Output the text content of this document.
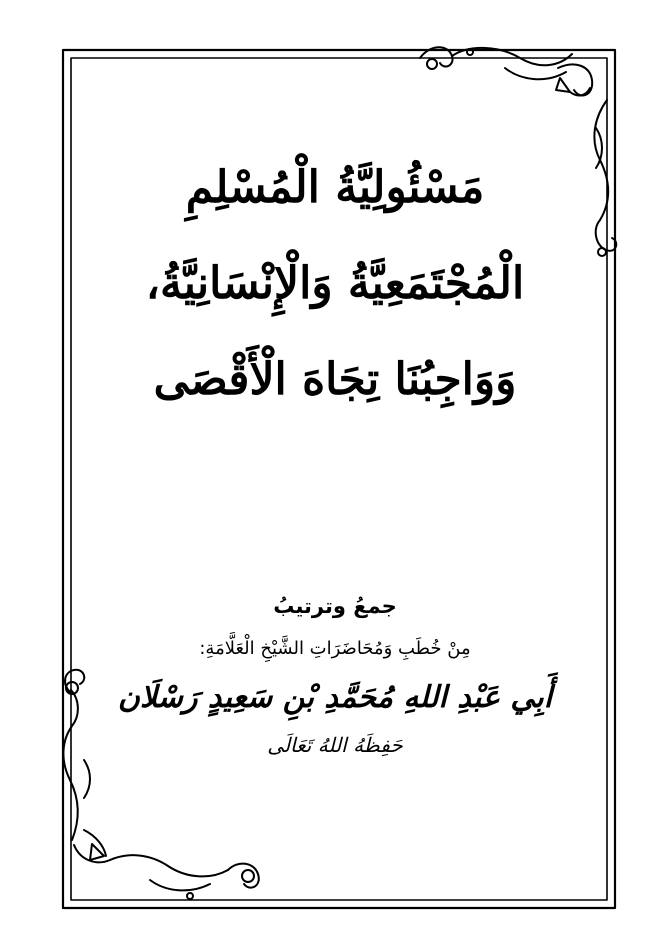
مَسْئُولِيَّةُ الْمُسْلِمِ
الْمُجْتَمَعِيَّةُ وَالْإِنْسَانِيَّةُ،
وَوَاجِبُنَا تِجَاهَ الْأَقْصَى
جمعُ وترتيبُ
مِنْ خُطَبِ وَمُحَاضَرَاتِ الشَّيْخِ الْعَلَّامَةِ:
أَبِي عَبْدِ اللهِ مُحَمَّدِ بْنِ سَعِيدٍ رَسْلَان
حَفِظَهُ اللهُ تَعَالَى
